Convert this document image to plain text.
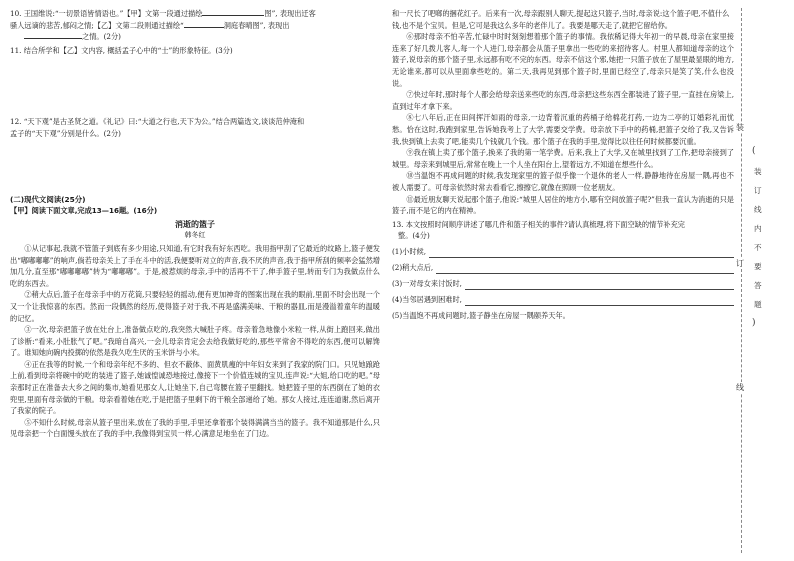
10. 王国维说:“一切景语皆情语也。”【甲】文第一段通过描绘	图”, 表现出迁客
骚人远谪的悲苦,郁闷之情;【乙】文第二段则通过描绘“	洞庭春晴图”, 表现出
之情。(2分)

11. 结合所学和【乙】文内容, 概括孟子心中的“士”的形象特征。(3分)

12. “天下观”是古圣贤之道。《礼记》曰:“大道之行也,天下为公。”结合两篇选文,谈谈范仲淹和
孟子的“天下观”分别是什么。(2分)

(二)现代文阅读(25分)

【甲】阅读下面文章,完成13—16题。(16分)

消逝的篮子

韩冬红

①从记事起,我就不管篮子到底有多少用途,只知道,有它时我有好东西吃。我用指甲刮了它最近的纹路上,篮子便发出“嘟嘟嘟嘟”的响声,倘若母亲关上了手在斗中的活,我便要听对立的声音,我不厌的声音,我于指甲所刮的频率会猛然增加几分,直至那“嘟嘟嘟嘟”转为“嘟嘟嘟”。于是,被惹烦的母亲,手中的活再不干了,伸手篮子里,转而专门为我做点什么吃的东西去。

②稍大点后,篮子在母亲手中的万花筒,只要轻轻的摇动,便有更加神奇的图案出现在我的眼前,里面不时会出现一个又一个让我惊喜的东西。然而一段偶然的经历,使得篮子对于我,不再是盛满美味、干粮的器皿,而是漫溢着童年的温暖的记忆。

③一次,母亲把篮子放在灶台上,准备做点吃的,我突然大喊肚子疼。母亲着急地像小米粒一样,从街上跑回来,做出了诊断:“看来,小肚胀气了吧。”我暗自高兴,一会儿母亲肯定会去给我做好吃的,那些平常舍不得吃的东西,便可以解馋了。谁知她向碗内投掷的依然是我久吃生厌的玉米饼与小米。

④正在我等的时候,一个和母亲年纪不多的、但衣不蔽体、面黄肌瘦的中年妇女来到了我家的院门口。只见她踉跄上前,看到母亲将碗中的吃的装进了篮子,她诚惶诚恐地接过,像接下一个价值连城的宝贝,连声说:“大姐,给口吃的吧。”母亲那时正在准备去大乡之间的集市,她看见那女人,让她坐下,自己弯腰在篮子里翻找。她把篮子里的东西倒在了她的衣兜里,里面有母亲做的干粮。母亲看着她在吃,于是把篮子里剩下的干粮全部递给了她。那女人接过,连连道谢,然后离开了我家的院子。

⑤不知什么时候,母亲从篮子里出来,放在了我的手里,手里还拿着那个装得满满当当的篮子。我不知道那是什么,只见母亲把一个白面馒头放在了我的手中,我像得到宝贝一样,心满意足地坐在了门边。

和一尺长了吧啷的捆花红子。后来有一次,母亲跟别人聊天,提起这只篮子,当时,母亲说:这个篮子吧,不值什么钱,也不是个宝贝。但是,它可是我这么多年的老伴儿了。我要是哪天走了,就把它留给你。

⑥那时母亲不怕辛苦,忙碌中时时刻刻想着那个篮子的事情。我依稀记得大年初一的早晨,母亲在家里接连来了好几拨儿客人,每一个人进门,母亲都会从篮子里拿出一些吃的来招待客人。村里人都知道母亲的这个篮子,说母亲的那个篮子里,永远都有吃不完的东西。母亲不信这个邪,她把一只篮子放在了屋里最显眼的地方,无论谁来,都可以从里面拿些吃的。第二天,我再见到那个篮子时,里面已经空了,母亲只是笑了笑,什么也没说。

⑦快过年时,那时每个人都会给母亲送来些吃的东西,母亲把这些东西全都装进了篮子里,一直挂在房梁上,直到过年才拿下来。

⑧七八年后,正在田间挥汗如雨的母亲,一边背着沉重的药桶子给棉花打药,一边为二亭的订婚彩礼而忧愁。恰在这时,我跑到家里,告诉她我考上了大学,需要交学费。母亲放下手中的药桶,把篮子交给了我,又告诉我,快到镇上去卖了吧,能卖几个钱就几个钱。那个篮子在我的手里,觉得比以往任何时候都要沉重。

⑨我在镇上卖了那个篮子,换来了我的第一笔学费。后来,我上了大学,又在城里找到了工作,把母亲接到了城里。母亲来到城里后,常常在晚上一个人坐在阳台上,望着远方,不知道在想些什么。

⑩当温饱不再成问题的时候,我发现家里的篮子似乎像一个退休的老人一样,静静地待在房屋一隅,再也不被人需要了。可母亲依然时常去看看它,擦擦它,就像在照顾一位老朋友。

⑪最近朋友聊天说起那个篮子,他说:“城里人居住的地方小,哪有空间放篮子呢?”但我一直认为消逝的只是篮子,而不是它的内在精神。

13. 本文按照时间顺序讲述了哪几件和篮子相关的事件?请认真梳理,将下面空缺的情节补充完
整。(4分)

(1)小时候,
(2)稍大点后,
(3)一对母女来讨饭时,
(4)当邻居遇到困难时,
(5)当温饱不再成问题时,篮子静坐在房屋一隅颐养天年。
装
订
线
(
装
订
线
内
不
要
答
题
)
